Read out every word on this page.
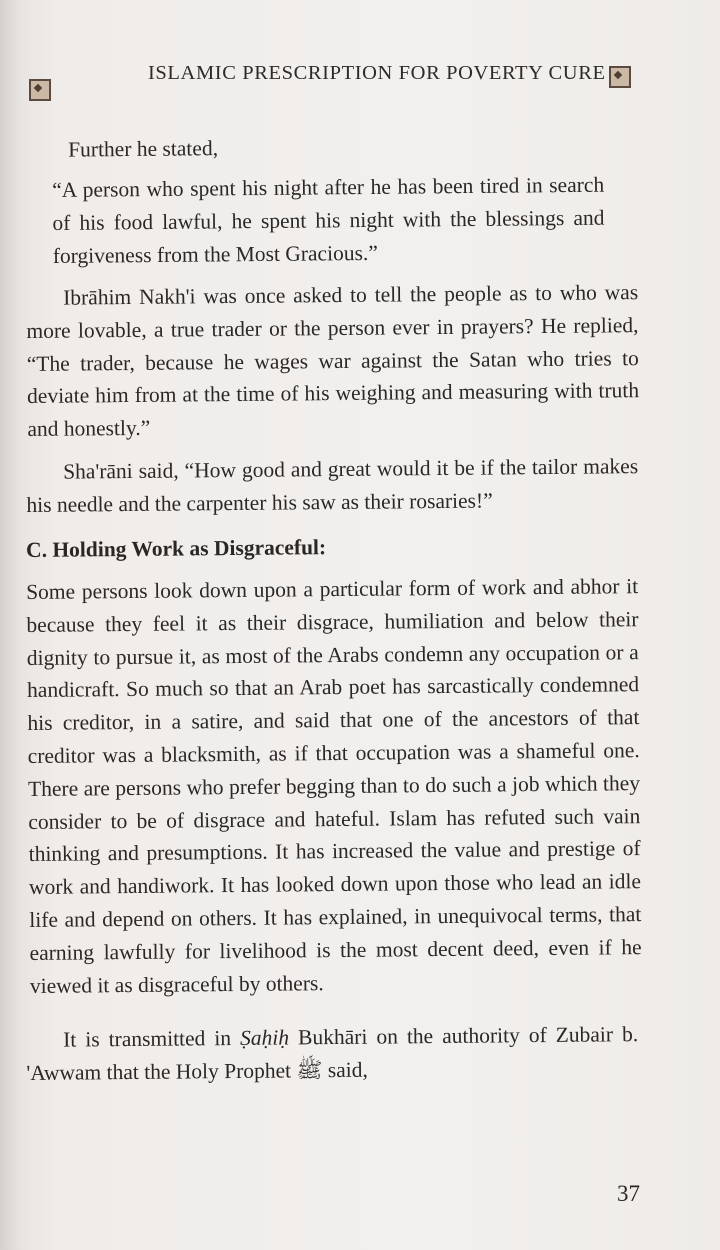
ISLAMIC PRESCRIPTION FOR POVERTY CURE

Further he stated,

“A person who spent his night after he has been tired in search of his food lawful, he spent his night with the blessings and forgiveness from the Most Gracious.”

Ibrāhim Nakh'i was once asked to tell the people as to who was more lovable, a true trader or the person ever in prayers? He replied, “The trader, because he wages war against the Satan who tries to deviate him from at the time of his weighing and measuring with truth and honestly.”

Sha'rāni said, “How good and great would it be if the tailor makes his needle and the carpenter his saw as their rosaries!”

C. Holding Work as Disgraceful:

Some persons look down upon a particular form of work and abhor it because they feel it as their disgrace, humiliation and below their dignity to pursue it, as most of the Arabs condemn any occupation or a handicraft. So much so that an Arab poet has sarcastically condemned his creditor, in a satire, and said that one of the ancestors of that creditor was a blacksmith, as if that occupation was a shameful one. There are persons who prefer begging than to do such a job which they consider to be of disgrace and hateful. Islam has refuted such vain thinking and presumptions. It has increased the value and prestige of work and handiwork. It has looked down upon those who lead an idle life and depend on others. It has explained, in unequivocal terms, that earning lawfully for livelihood is the most decent deed, even if he viewed it as disgraceful by others.

It is transmitted in Ṣaḥiḥ Bukhāri on the authority of Zubair b. 'Awwam that the Holy Prophet ﷺ said,

37
